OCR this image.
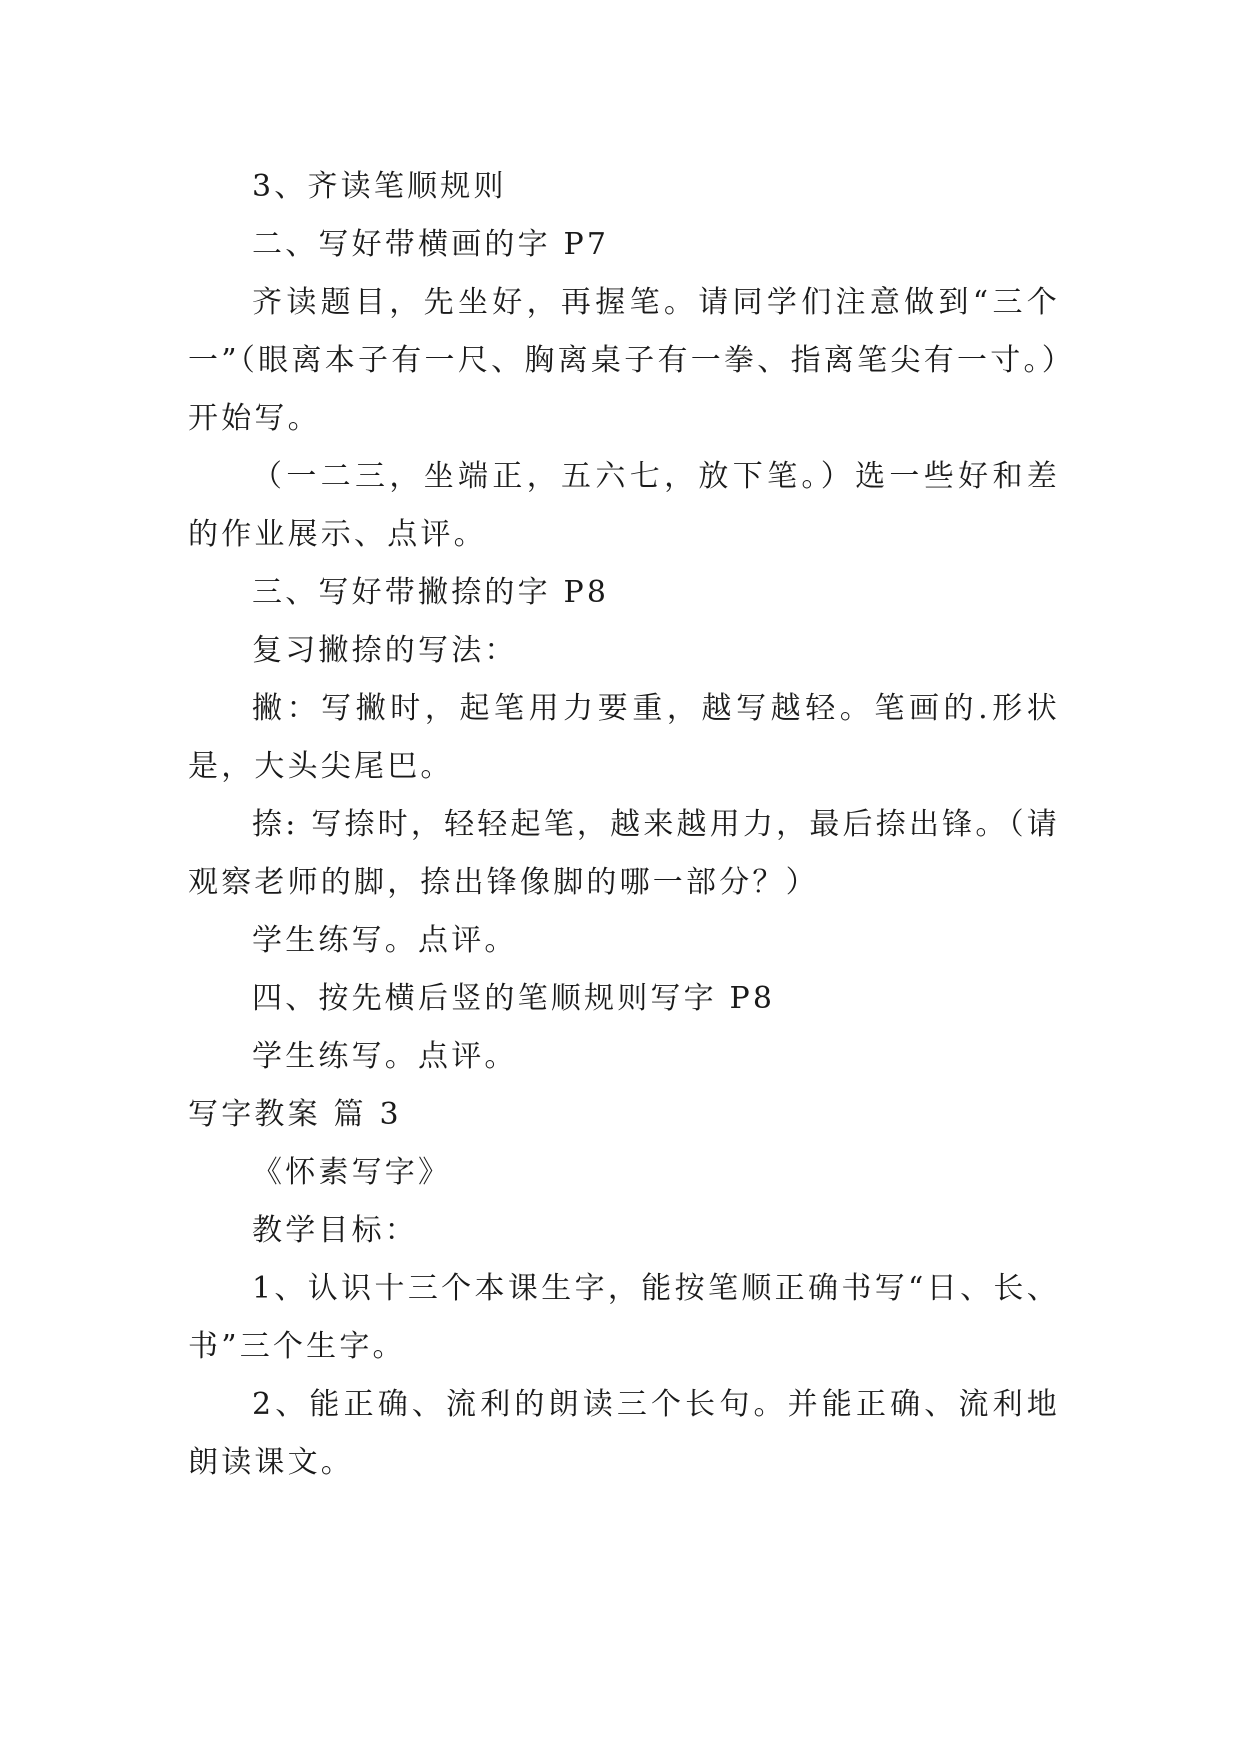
3、齐读笔顺规则

二、写好带横画的字 P7

齐读题目，先坐好，再握笔。请同学们注意做到“三个一”（眼离本子有一尺、胸离桌子有一拳、指离笔尖有一寸。）开始写。

（一二三，坐端正，五六七，放下笔。）选一些好和差的作业展示、点评。

三、写好带撇捺的字 P8

复习撇捺的写法：

撇：写撇时，起笔用力要重，越写越轻。笔画的.形状是，大头尖尾巴。

捺: 写捺时，轻轻起笔，越来越用力，最后捺出锋。（请观察老师的脚，捺出锋像脚的哪一部分？）

学生练写。点评。

四、按先横后竖的笔顺规则写字 P8

学生练写。点评。

写字教案 篇 3

《怀素写字》

教学目标：

1、认识十三个本课生字，能按笔顺正确书写“日、长、书”三个生字。

2、能正确、流利的朗读三个长句。并能正确、流利地朗读课文。
